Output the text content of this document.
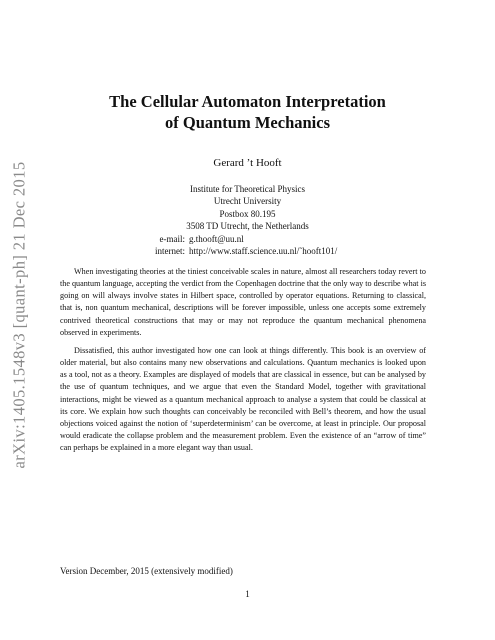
arXiv:1405.1548v3 [quant-ph] 21 Dec 2015
The Cellular Automaton Interpretation
of Quantum Mechanics
Gerard ’t Hooft
Institute for Theoretical Physics
Utrecht University
Postbox 80.195
3508 TD Utrecht, the Netherlands
e-mail: g.thooft@uu.nl
internet: http://www.staff.science.uu.nl/˜hooft101/

When investigating theories at the tiniest conceivable scales in nature, almost all researchers today revert to the quantum language, accepting the verdict from the Copenhagen doctrine that the only way to describe what is going on will always involve states in Hilbert space, controlled by operator equations. Returning to classical, that is, non quantum mechanical, descriptions will be forever impossible, unless one accepts some extremely contrived theoretical constructions that may or may not reproduce the quantum mechanical phenomena observed in experiments.

Dissatisfied, this author investigated how one can look at things differently. This book is an overview of older material, but also contains many new observations and calculations. Quantum mechanics is looked upon as a tool, not as a theory. Examples are displayed of models that are classical in essence, but can be analysed by the use of quantum techniques, and we argue that even the Standard Model, together with gravitational interactions, might be viewed as a quantum mechanical approach to analyse a system that could be classical at its core. We explain how such thoughts can conceivably be reconciled with Bell’s theorem, and how the usual objections voiced against the notion of ‘superdeterminism’ can be overcome, at least in principle. Our proposal would eradicate the collapse problem and the measurement problem. Even the existence of an “arrow of time” can perhaps be explained in a more elegant way than usual.

Version December, 2015 (extensively modified)
1
